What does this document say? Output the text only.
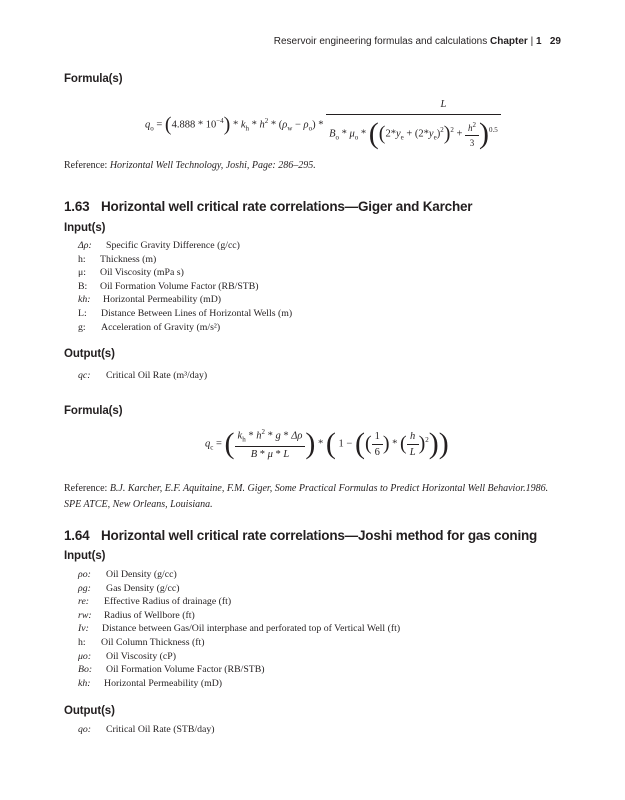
Reservoir engineering formulas and calculations Chapter | 1 29
Formula(s)
$q_o = (4.888 * 10^{-4}) * k_h * h^2 * (\rho_w - \rho_o) * \frac{L}{B_o * \mu_o * ((2*y_e + (2*y_e)^2)^2 + \frac{h^2}{3} )^{0.5}}$
Reference: Horizontal Well Technology, Joshi, Page: 286–295.
1.63 Horizontal well critical rate correlations—Giger and Karcher
Input(s)
Δρ: Specific Gravity Difference (g/cc)
h: Thickness (m)
μ: Oil Viscosity (mPa s)
B: Oil Formation Volume Factor (RB/STB)
kh: Horizontal Permeability (mD)
L: Distance Between Lines of Horizontal Wells (m)
g: Acceleration of Gravity (m/s²)
Output(s)
qc: Critical Oil Rate (m³/day)
Formula(s)
$q_c$ = ( $\frac{k_h * h^2 * g * \Delta\rho}{B * \mu * L}$ ) * ( 1 − (( $\frac{1}{6}$ ) * ( $\frac{h}{L} )^2$))
Reference: B.J. Karcher, E.F. Aquitaine, F.M. Giger, Some Practical Formulas to Predict Horizontal Well Behavior.1986.
SPE ATCE, New Orleans, Louisiana.
1.64 Horizontal well critical rate correlations—Joshi method for gas coning
Input(s)
ρo: Oil Density (g/cc)
ρg: Gas Density (g/cc)
re: Effective Radius of drainage (ft)
rw: Radius of Wellbore (ft)
Iv: Distance between Gas/Oil interphase and perforated top of Vertical Well (ft)
h: Oil Column Thickness (ft)
μo: Oil Viscosity (cP)
Bo: Oil Formation Volume Factor (RB/STB)
kh: Horizontal Permeability (mD)
Output(s)
qo: Critical Oil Rate (STB/day)
